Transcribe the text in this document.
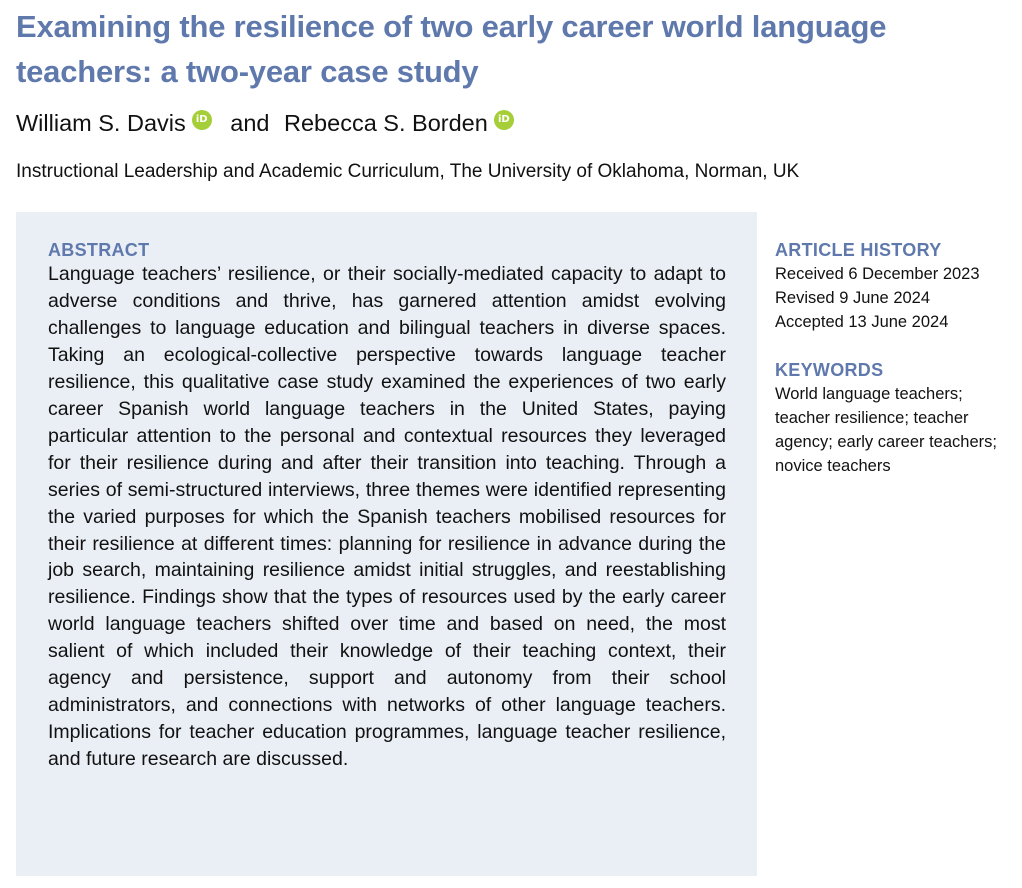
Examining the resilience of two early career world language teachers: a two-year case study
William S. Davis iD and Rebecca S. Borden iD
Instructional Leadership and Academic Curriculum, The University of Oklahoma, Norman, UK
ABSTRACT

Language teachers’ resilience, or their socially-mediated capacity to adapt to adverse conditions and thrive, has garnered attention amidst evolving challenges to language education and bilingual teachers in diverse spaces. Taking an ecological-collective perspective towards language teacher resilience, this qualitative case study examined the experiences of two early career Spanish world language teachers in the United States, paying particular attention to the personal and contextual resources they leveraged for their resilience during and after their transition into teaching. Through a series of semi-structured interviews, three themes were identified representing the varied purposes for which the Spanish teachers mobilised resources for their resilience at different times: planning for resilience in advance during the job search, maintaining resilience amidst initial struggles, and reestablishing resilience. Findings show that the types of resources used by the early career world language teachers shifted over time and based on need, the most salient of which included their knowledge of their teaching context, their agency and persistence, support and autonomy from their school administrators, and connections with networks of other language teachers. Implications for teacher education programmes, language teacher resilience, and future research are discussed.

ARTICLE HISTORY
Received 6 December 2023
Revised 9 June 2024
Accepted 13 June 2024
KEYWORDS

World language teachers; teacher resilience; teacher agency; early career teachers; novice teachers
